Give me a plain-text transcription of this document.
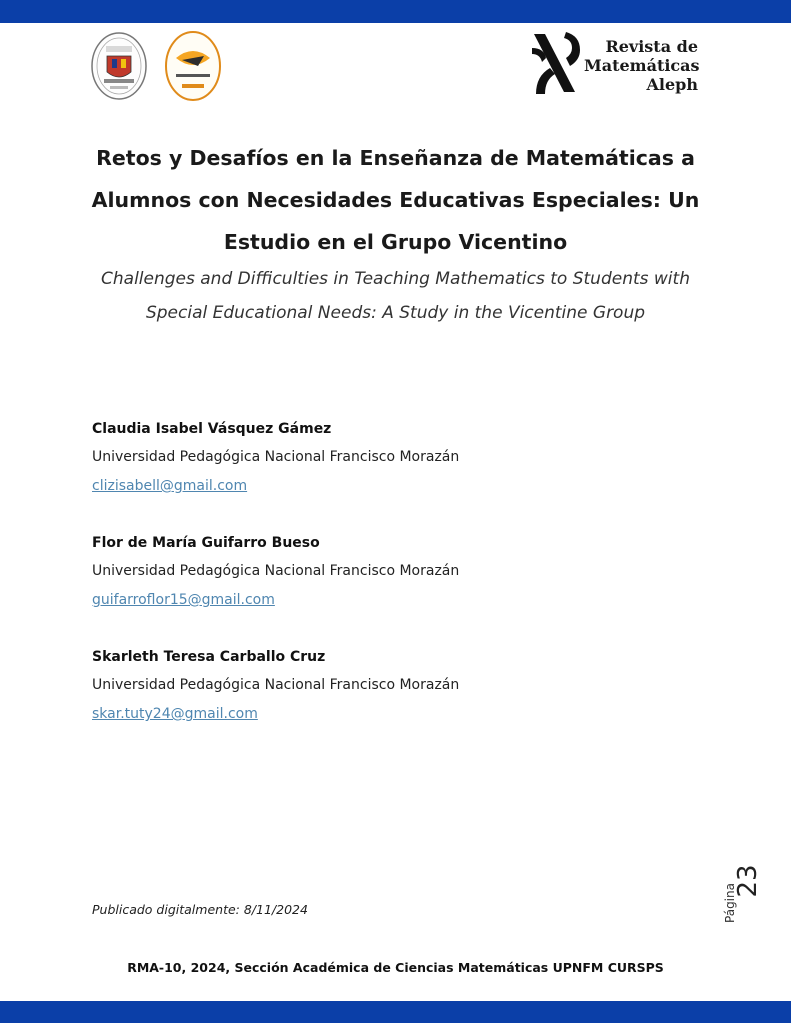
Revista de
Matemáticas
Aleph
Retos y Desafíos en la Enseñanza de Matemáticas a
Alumnos con Necesidades Educativas Especiales: Un
Estudio en el Grupo Vicentino
Challenges and Difficulties in Teaching Mathematics to Students with
Special Educational Needs: A Study in the Vicentine Group
Claudia Isabel Vásquez Gámez
Universidad Pedagógica Nacional Francisco Morazán
clizisabell@gmail.com
Flor de María Guifarro Bueso
Universidad Pedagógica Nacional Francisco Morazán
guifarroflor15@gmail.com
Skarleth Teresa Carballo Cruz
Universidad Pedagógica Nacional Francisco Morazán
skar.tuty24@gmail.com
Publicado digitalmente: 8/11/2024
23
Página
RMA-10, 2024, Sección Académica de Ciencias Matemáticas UPNFM CURSPS
